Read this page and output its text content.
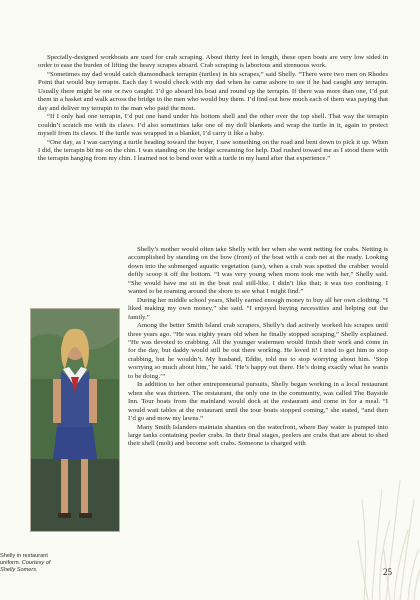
Specially-designed workboats are used for crab scraping. About thirty feet in length, these open boats are very low sided in order to ease the burden of lifting the heavy scrapes aboard. Crab scraping is laborious and strenuous work.

“Sometimes my dad would catch diamondback terrapin (turtles) in his scrapes,” said Shelly. “There were two men on Rhodes Point that would buy terrapin. Each day I would check with my dad when he came ashore to see if he had caught any terrapin. Usually there might be one or two caught. I’d go aboard his boat and round up the terrapin. If there was more than one, I’d put them in a basket and walk across the bridge to the men who would buy them. I’d find out how much each of them was paying that day and deliver my terrapin to the man who paid the most.

“If I only had one terrapin, I’d put one hand under his bottom shell and the other over the top shell. That way the terrapin couldn’t scratch me with its claws. I’d also sometimes take one of my doll blankets and wrap the turtle in it, again to protect myself from its claws. If the turtle was wrapped in a blanket, I’d carry it like a baby.

“One day, as I was carrying a turtle heading toward the buyer, I saw something on the road and bent down to pick it up. When I did, the terrapin bit me on the chin. I was standing on the bridge screaming for help. Dad rushed toward me as I stood there with the terrapin hanging from my chin. I learned not to bend over with a turtle in my hand after that experience.”

Shelly’s mother would often take Shelly with her when she went netting for crabs. Netting is accomplished by standing on the bow (front) of the boat with a crab net at the ready. Looking down into the submerged aquatic vegetation (sav), when a crab was spotted the crabber would deftly scoop it off the bottom. “I was very young when mom took me with her,” Shelly said. “She would have me sit in the boat real still-like. I didn’t like that; it was too confining. I wanted to be roaming around the shore to see what I might find.”

During her middle school years, Shelly earned enough money to buy all her own clothing. “I liked making my own money,” she said. “I enjoyed buying necessities and helping out the family.”

Among the better Smith Island crab scrapers, Shelly’s dad actively worked his scrapes until three years ago. “He was eighty years old when he finally stopped scraping,” Shelly explained. “He was devoted to crabbing. All the younger watermen would finish their work and come in for the day, but daddy would still be out there working. He loved it! I tried to get him to stop crabbing, but he wouldn’t. My husband, Eddie, told me to stop worrying about him. ‘Stop worrying so much about him,’ he said. ‘He’s happy out there. He’s doing exactly what he wants to be doing.’”

In addition to her other entrepreneurial pursuits, Shelly began working in a local restaurant when she was thirteen. The restaurant, the only one in the community, was called The Bayside Inn. Tour boats from the mainland would dock at the restaurant and come in for a meal. “I would wait tables at the restaurant until the tour boats stopped coming,” she stated, “and then I’d go and mow my lawns.”

Many Smith Islanders maintain shanties on the waterfront, where Bay water is pumped into large tanks containing peeler crabs. In their final stages, peelers are crabs that are about to shed their shell (molt) and become soft crabs. Someone is charged with

Shelly in restaurant
uniform. Courtesy of
Shelly Somers.	25
